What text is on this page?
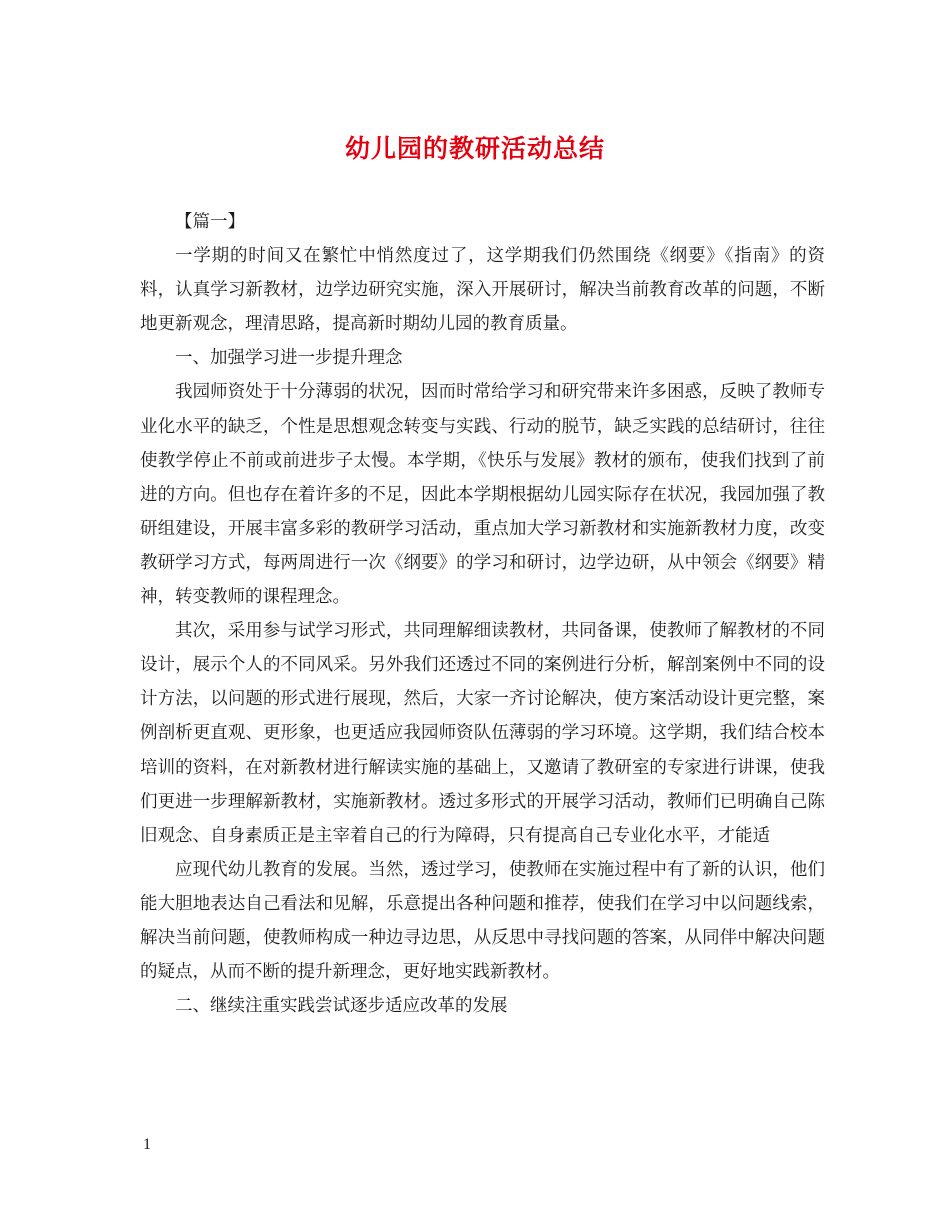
幼儿园的教研活动总结

【篇一】

一学期的时间又在繁忙中悄然度过了，这学期我们仍然围绕《纲要》《指南》的资料，认真学习新教材，边学边研究实施，深入开展研讨，解决当前教育改革的问题，不断地更新观念，理清思路，提高新时期幼儿园的教育质量。

一、加强学习进一步提升理念

我园师资处于十分薄弱的状况，因而时常给学习和研究带来许多困惑，反映了教师专业化水平的缺乏，个性是思想观念转变与实践、行动的脱节，缺乏实践的总结研讨，往往使教学停止不前或前进步子太慢。本学期，《快乐与发展》教材的颁布，使我们找到了前进的方向。但也存在着许多的不足，因此本学期根据幼儿园实际存在状况，我园加强了教研组建设，开展丰富多彩的教研学习活动，重点加大学习新教材和实施新教材力度，改变教研学习方式，每两周进行一次《纲要》的学习和研讨，边学边研，从中领会《纲要》精神，转变教师的课程理念。

其次，采用参与试学习形式，共同理解细读教材，共同备课，使教师了解教材的不同设计，展示个人的不同风采。另外我们还透过不同的案例进行分析，解剖案例中不同的设计方法，以问题的形式进行展现，然后，大家一齐讨论解决，使方案活动设计更完整，案例剖析更直观、更形象，也更适应我园师资队伍薄弱的学习环境。这学期，我们结合校本培训的资料，在对新教材进行解读实施的基础上，又邀请了教研室的专家进行讲课，使我们更进一步理解新教材，实施新教材。透过多形式的开展学习活动，教师们已明确自己陈旧观念、自身素质正是主宰着自己的行为障碍，只有提高自己专业化水平，才能适

应现代幼儿教育的发展。当然，透过学习，使教师在实施过程中有了新的认识，他们能大胆地表达自己看法和见解，乐意提出各种问题和推荐，使我们在学习中以问题线索，解决当前问题，使教师构成一种边寻边思，从反思中寻找问题的答案，从同伴中解决问题的疑点，从而不断的提升新理念，更好地实践新教材。

二、继续注重实践尝试逐步适应改革的发展

1
